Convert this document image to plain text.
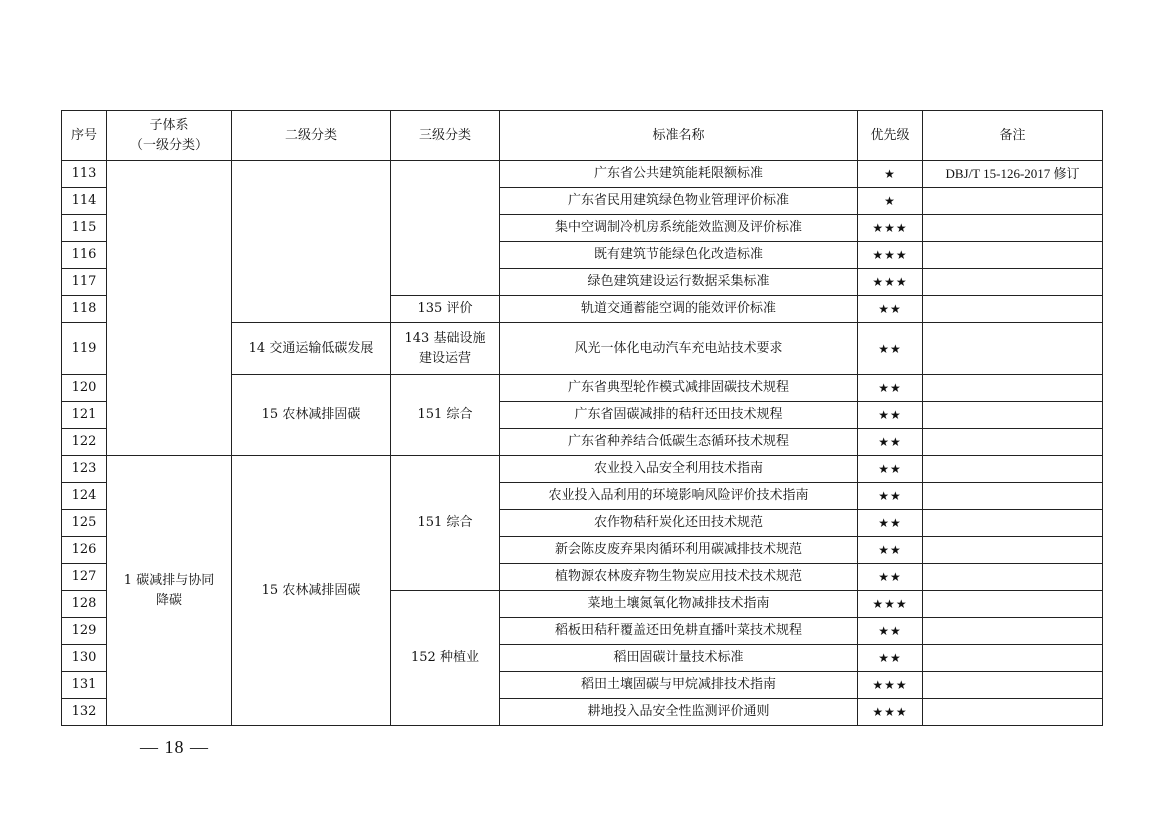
序号	子体系
（一级分类）	二级分类	三级分类	标准名称	优先级	备注
113				广东省公共建筑能耗限额标准	★	DBJ/T 15-126-2017 修订
114				广东省民用建筑绿色物业管理评价标准	★	
115				集中空调制冷机房系统能效监测及评价标准	★★★	
116				既有建筑节能绿色化改造标准	★★★	
117				绿色建筑建设运行数据采集标准	★★★	
118			135 评价	轨道交通蓄能空调的能效评价标准	★★	
119		14 交通运输低碳发展	143 基础设施
建设运营	风光一体化电动汽车充电站技术要求	★★	
120		15 农林减排固碳	151 综合	广东省典型轮作模式减排固碳技术规程	★★	
121				广东省固碳减排的秸秆还田技术规程	★★	
122				广东省种养结合低碳生态循环技术规程	★★	
123	1 碳减排与协同
降碳	15 农林减排固碳	151 综合	农业投入品安全利用技术指南	★★	
124				农业投入品利用的环境影响风险评价技术指南	★★	
125				农作物秸秆炭化还田技术规范	★★	
126				新会陈皮废弃果肉循环利用碳减排技术规范	★★	
127				植物源农林废弃物生物炭应用技术技术规范	★★	
128			152 种植业	菜地土壤氮氧化物减排技术指南	★★★	
129				稻板田秸秆覆盖还田免耕直播叶菜技术规程	★★	
130				稻田固碳计量技术标准	★★	
131				稻田土壤固碳与甲烷减排技术指南	★★★	
132				耕地投入品安全性监测评价通则	★★★	
— 18 —
